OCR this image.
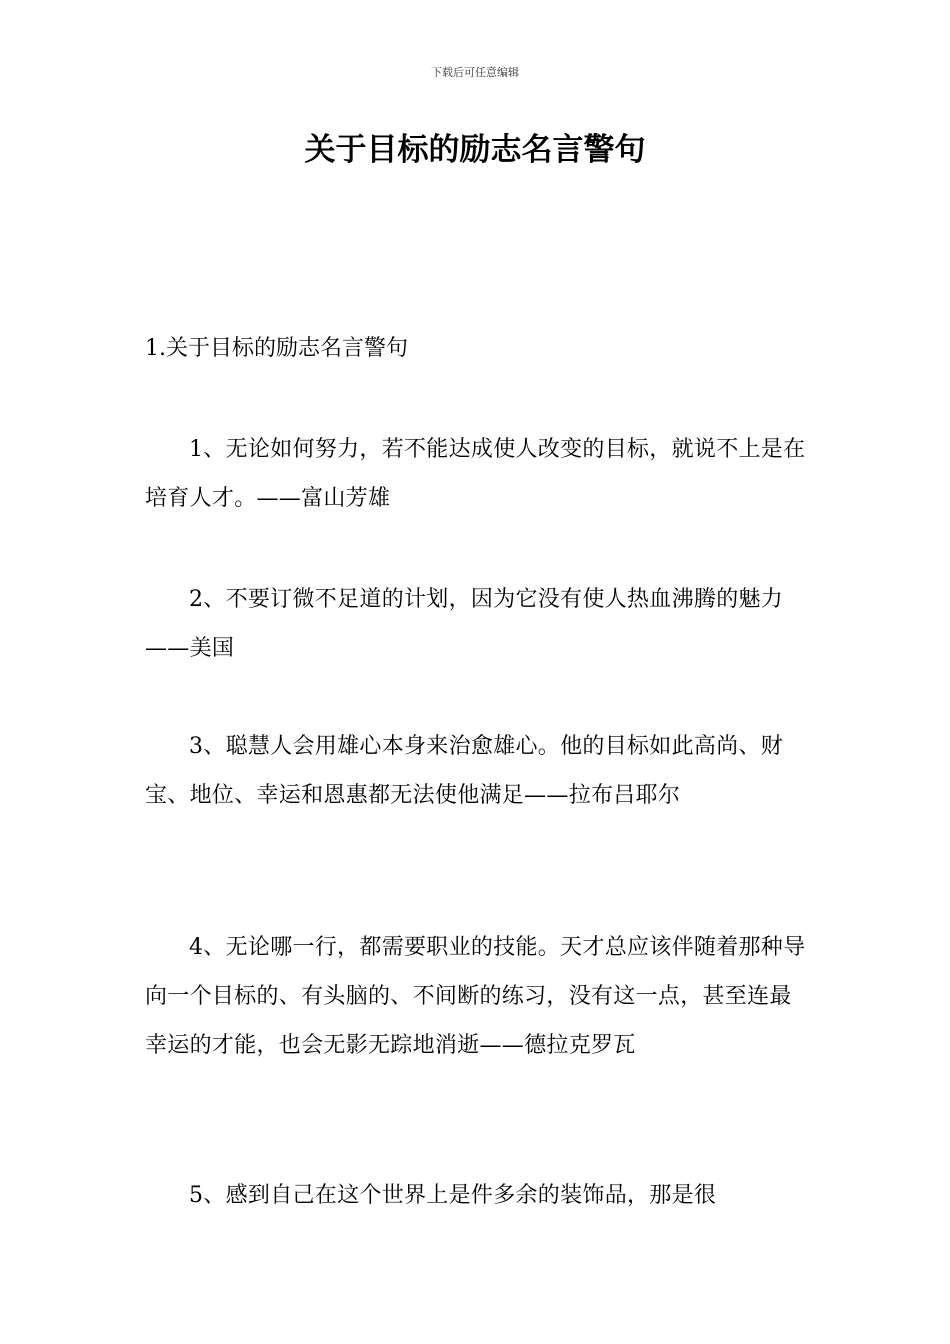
下载后可任意编辑
关于目标的励志名言警句

1.关于目标的励志名言警句

1、无论如何努力，若不能达成使人改变的目标，就说不上是在培育人才。——富山芳雄

2、不要订微不足道的计划，因为它没有使人热血沸腾的魅力——美国

3、聪慧人会用雄心本身来治愈雄心。他的目标如此高尚、财宝、地位、幸运和恩惠都无法使他满足——拉布吕耶尔

4、无论哪一行，都需要职业的技能。天才总应该伴随着那种导向一个目标的、有头脑的、不间断的练习，没有这一点，甚至连最幸运的才能，也会无影无踪地消逝——德拉克罗瓦

5、感到自己在这个世界上是件多余的装饰品，那是很
